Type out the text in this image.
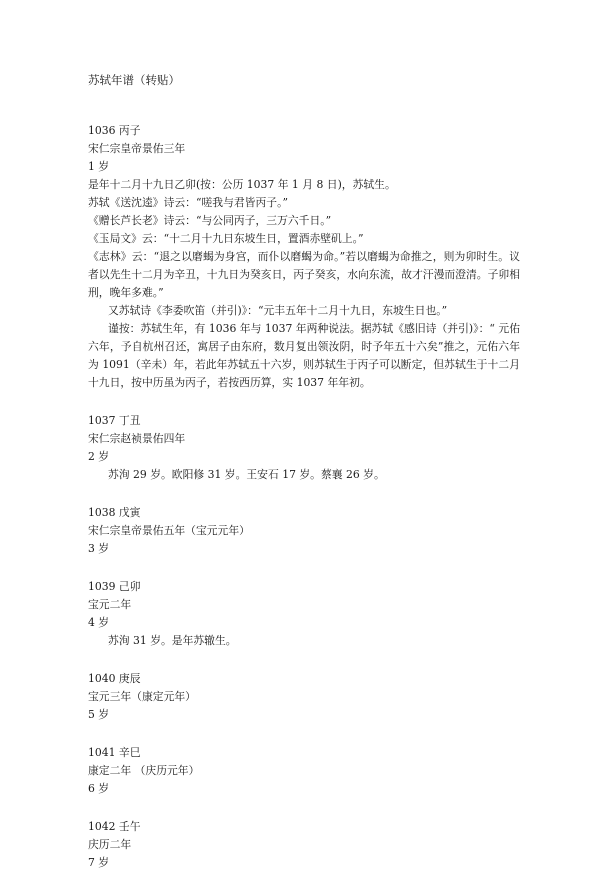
苏轼年谱（转贴）
1036 丙子
宋仁宗皇帝景佑三年
1 岁
是年十二月十九日乙卯(按：公历 1037 年 1 月 8 日)，苏轼生。
苏轼《送沈逵》诗云：“嗟我与君皆丙子。”
《赠长芦长老》诗云：“与公同丙子，三万六千日。”
《玉局文》云：“十二月十九日东坡生日，置酒赤壁矶上。”
《志林》云：“退之以磨蝎为身宫，而仆以磨蝎为命。”若以磨蝎为命推之，则为卯时生。议者以先生十二月为辛丑，十九日为癸亥日，丙子癸亥，水向东流，故才汗漫而澄清。子卯相刑，晚年多难。”
又苏轼诗《李委吹笛（并引)》：“元丰五年十二月十九日，东坡生日也。”
谨按：苏轼生年，有 1036 年与 1037 年两种说法。据苏轼《感旧诗（并引)》：“ 元佑六年，予自杭州召还，寓居子由东府，数月复出领汝阴，时予年五十六矣”推之，元佑六年为 1091（辛未）年，若此年苏轼五十六岁，则苏轼生于丙子可以断定，但苏轼生于十二月十九日，按中历虽为丙子，若按西历算，实 1037 年年初。
1037 丁丑
宋仁宗赵祯景佑四年
2 岁
苏洵 29 岁。欧阳修 31 岁。王安石 17 岁。蔡襄 26 岁。
1038 戊寅
宋仁宗皇帝景佑五年（宝元元年）
3 岁
1039 己卯
宝元二年
4 岁
苏洵 31 岁。是年苏辙生。
1040 庚辰
宝元三年（康定元年）
5 岁
1041 辛巳
康定二年 （庆历元年）
6 岁
1042 壬午
庆历二年
7 岁
